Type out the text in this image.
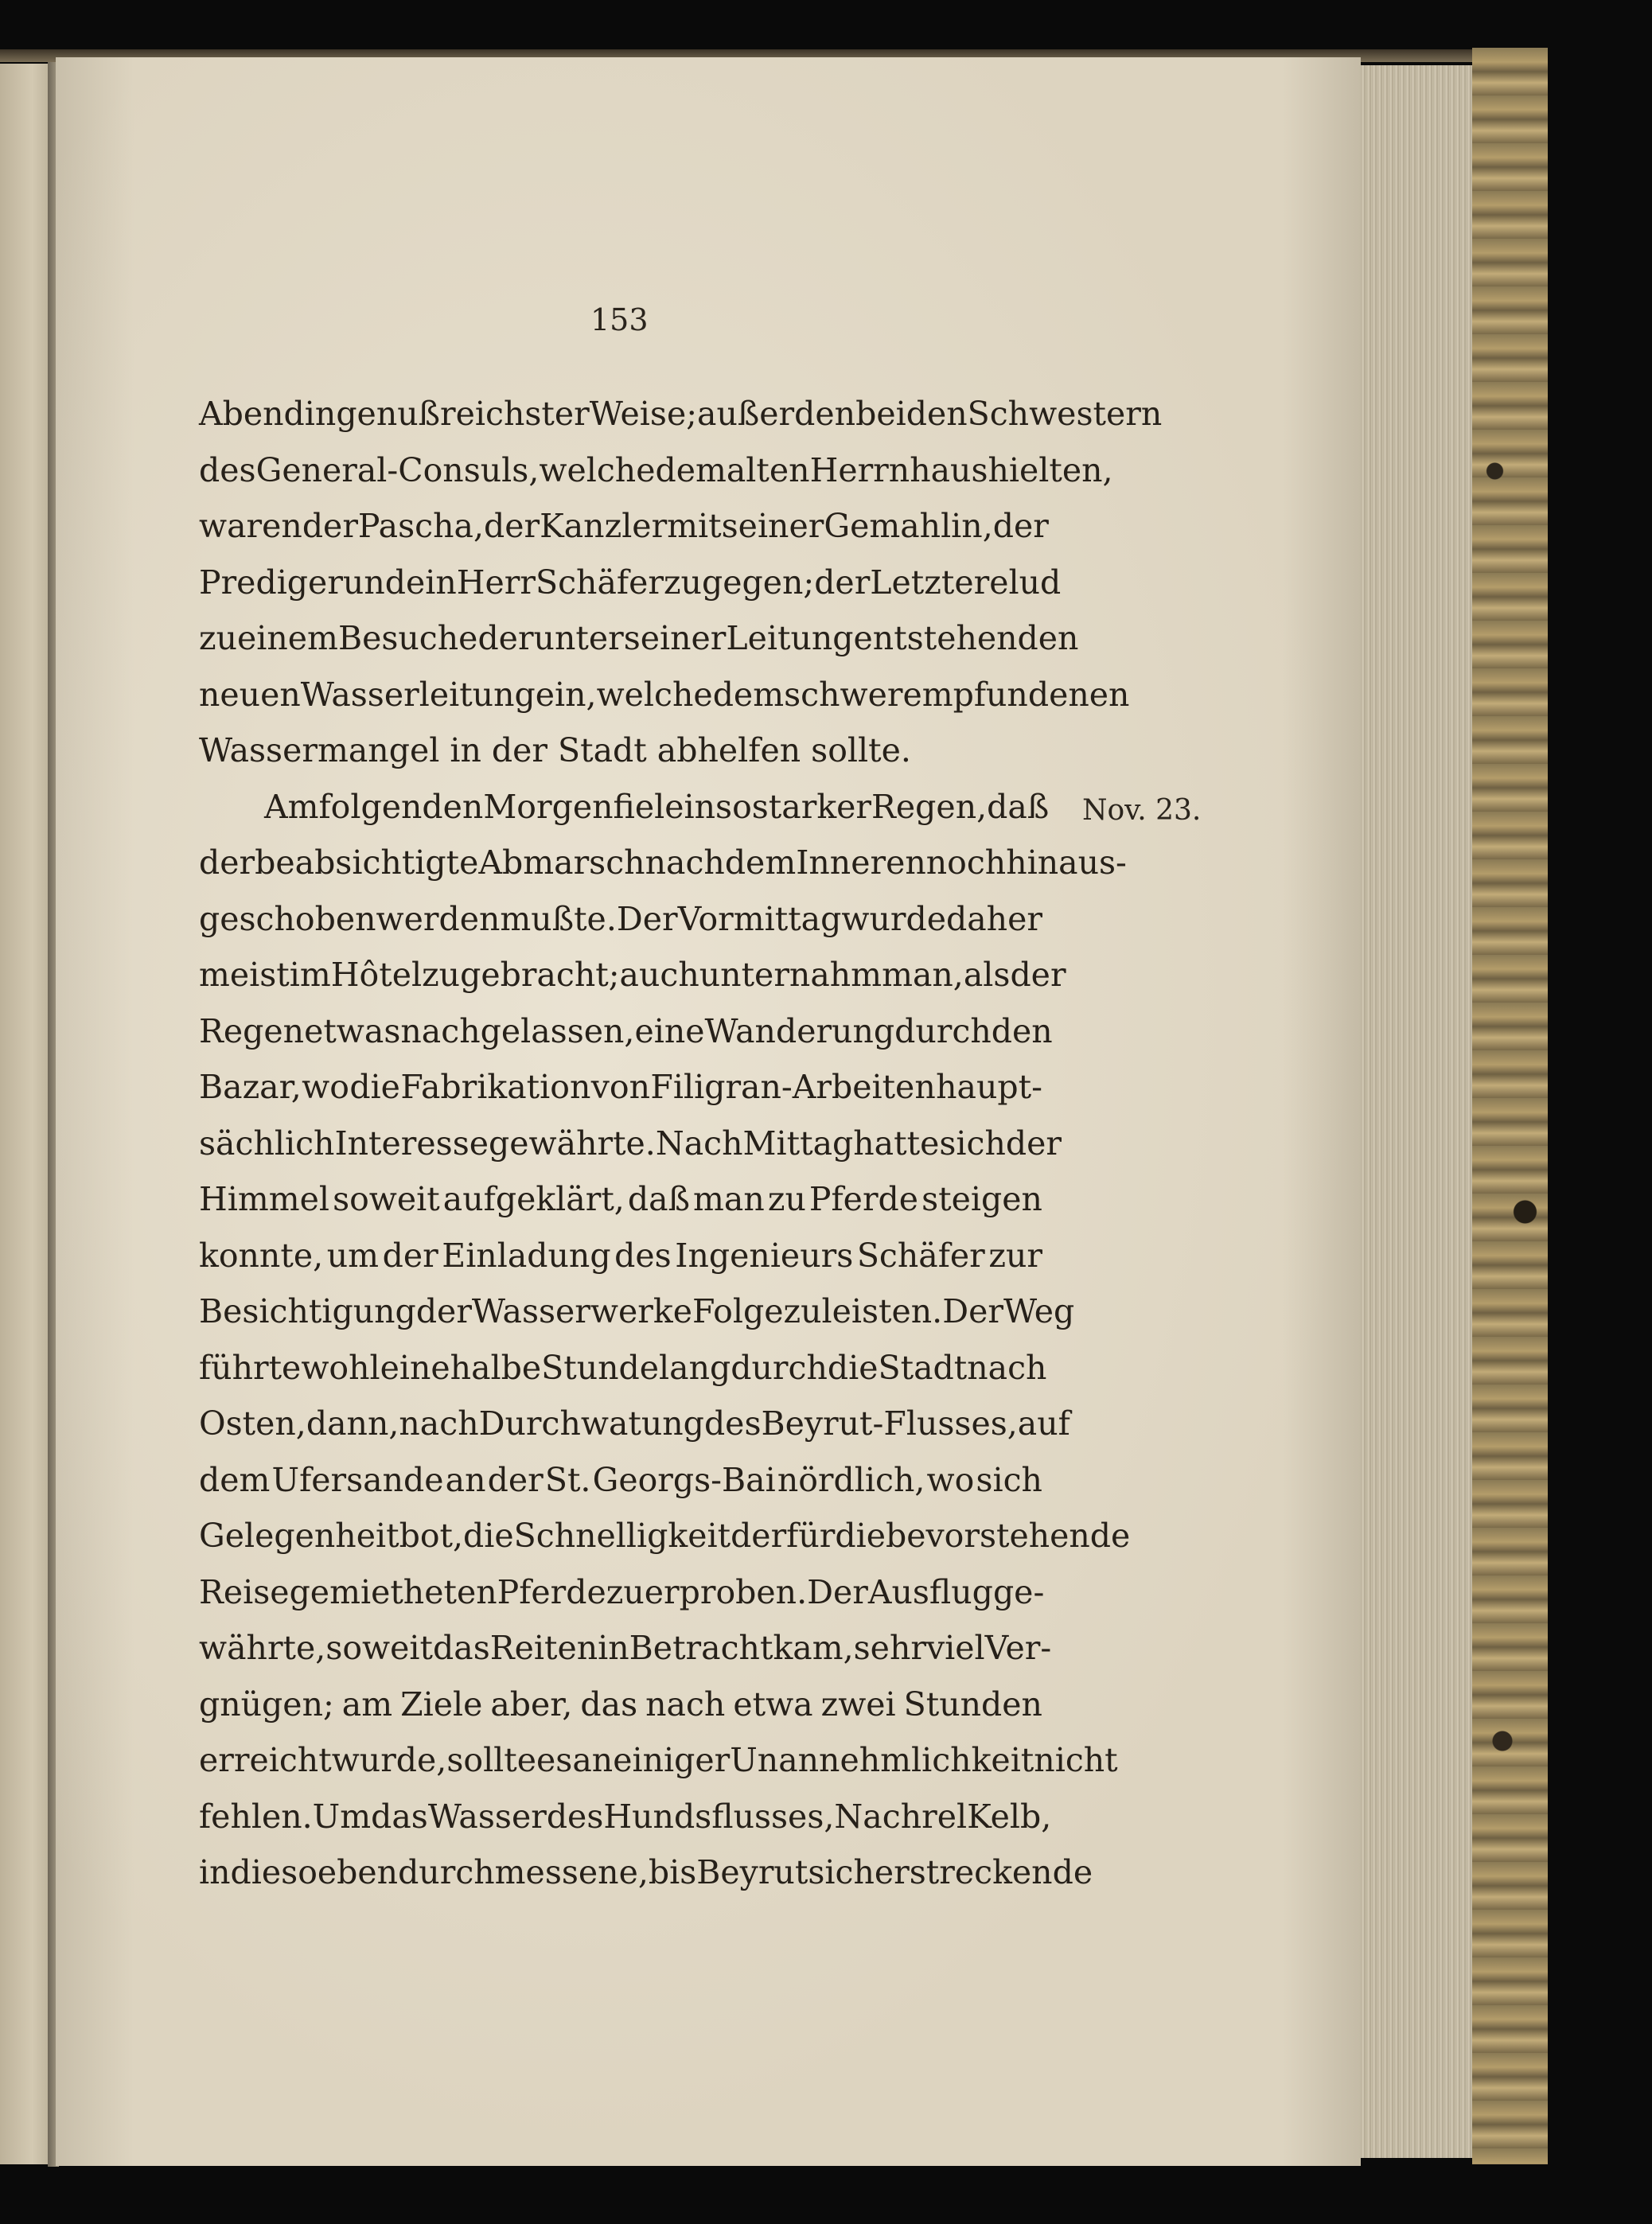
153
Nov. 23.
Abend in genußreichster Weise; außer den beiden Schwestern
des General-Consuls, welche dem alten Herrn haushielten,
waren der Pascha, der Kanzler mit seiner Gemahlin, der
Prediger und ein Herr Schäfer zugegen; der Letztere lud
zu einem Besuche der unter seiner Leitung entstehenden
neuen Wasserleitung ein, welche dem schwer empfundenen
Wassermangel in der Stadt abhelfen sollte.
Am folgenden Morgen fiel ein so starker Regen, daß
der beabsichtigte Abmarsch nach dem Inneren noch hinaus-
geschoben werden mußte. Der Vormittag wurde daher
meist im Hôtel zugebracht; auch unternahm man, als der
Regen etwas nachgelassen, eine Wanderung durch den
Bazar, wo die Fabrikation von Filigran-Arbeiten haupt-
sächlich Interesse gewährte. Nach Mittag hatte sich der
Himmel soweit aufgeklärt, daß man zu Pferde steigen
konnte, um der Einladung des Ingenieurs Schäfer zur
Besichtigung der Wasserwerke Folge zu leisten. Der Weg
führte wohl eine halbe Stunde lang durch die Stadt nach
Osten, dann, nach Durchwatung des Beyrut-Flusses, auf
dem Ufersande an der St. Georgs-Bai nördlich, wo sich
Gelegenheit bot, die Schnelligkeit der für die bevorstehende
Reise gemietheten Pferde zu erproben. Der Ausflug ge-
währte, soweit das Reiten in Betracht kam, sehr viel Ver-
gnügen; am Ziele aber, das nach etwa zwei Stunden
erreicht wurde, sollte es an einiger Unannehmlichkeit nicht
fehlen. Um das Wasser des Hundsflusses, Nachr el Kelb,
in die soeben durchmessene, bis Beyrut sich erstreckende
